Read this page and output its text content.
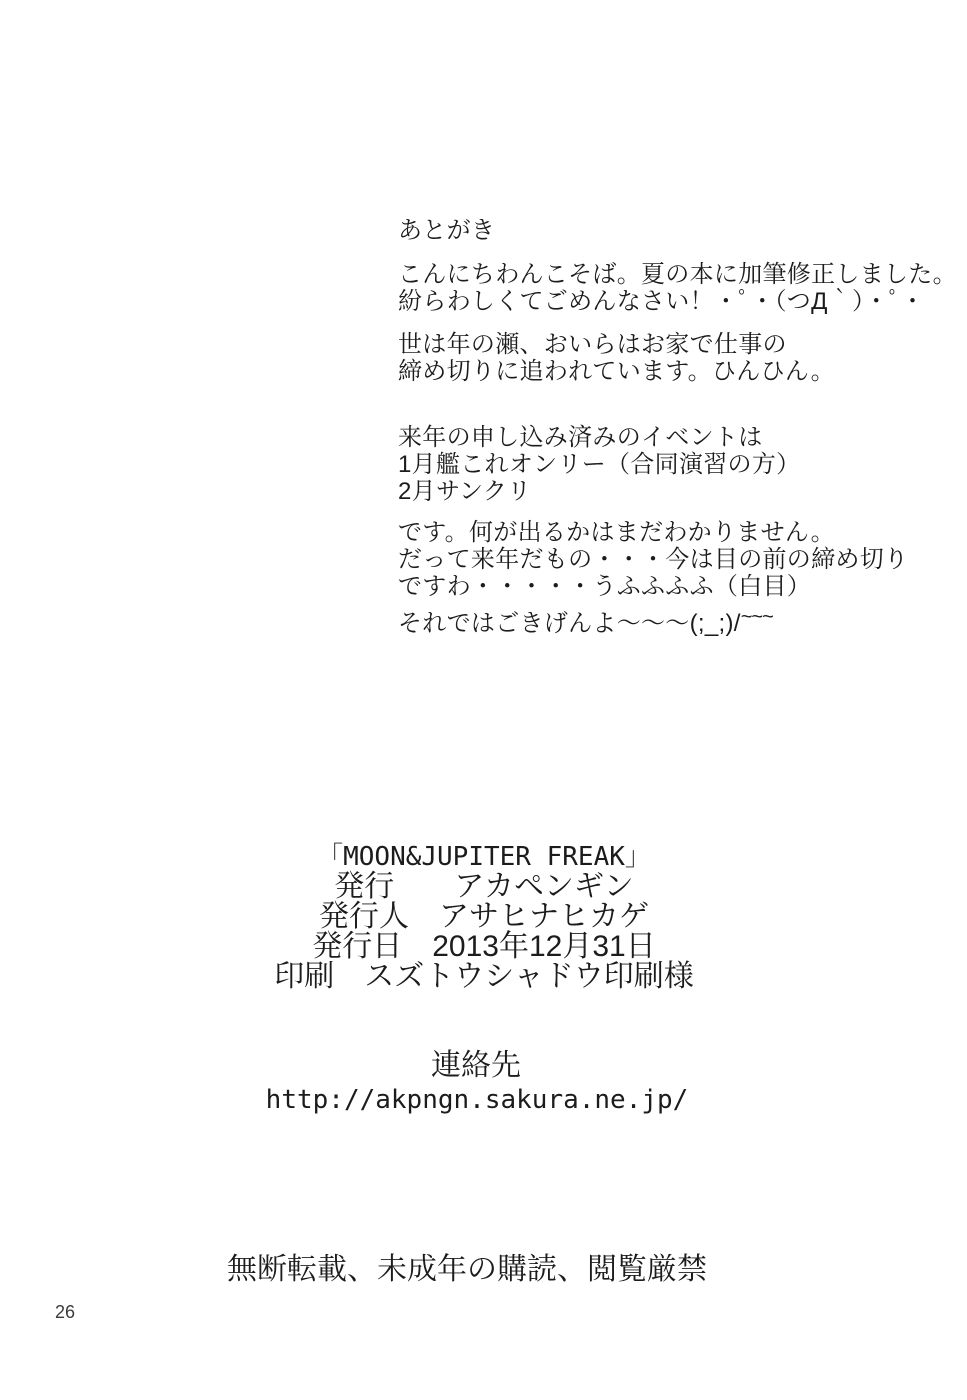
あとがき

こんにちわんこそば。夏の本に加筆修正しました。
紛らわしくてごめんなさい！・ﾟ・（つД｀）・ﾟ・

世は年の瀬、おいらはお家で仕事の
締め切りに追われています。ひんひん。

来年の申し込み済みのイベントは
1月艦これオンリー（合同演習の方）
2月サンクリ

です。何が出るかはまだわかりません。
だって来年だもの・・・今は目の前の締め切り
ですわ・・・・・うふふふふ（白目）

それではごきげんよ～～～(;_;)/~~~

「MOON&JUPITER FREAK」
発行　　アカペンギン
発行人　アサヒナヒカゲ
発行日　2013年12月31日
印刷　スズトウシャドウ印刷様

連絡先

http://akpngn.sakura.ne.jp/

無断転載、未成年の購読、閲覧厳禁

26
